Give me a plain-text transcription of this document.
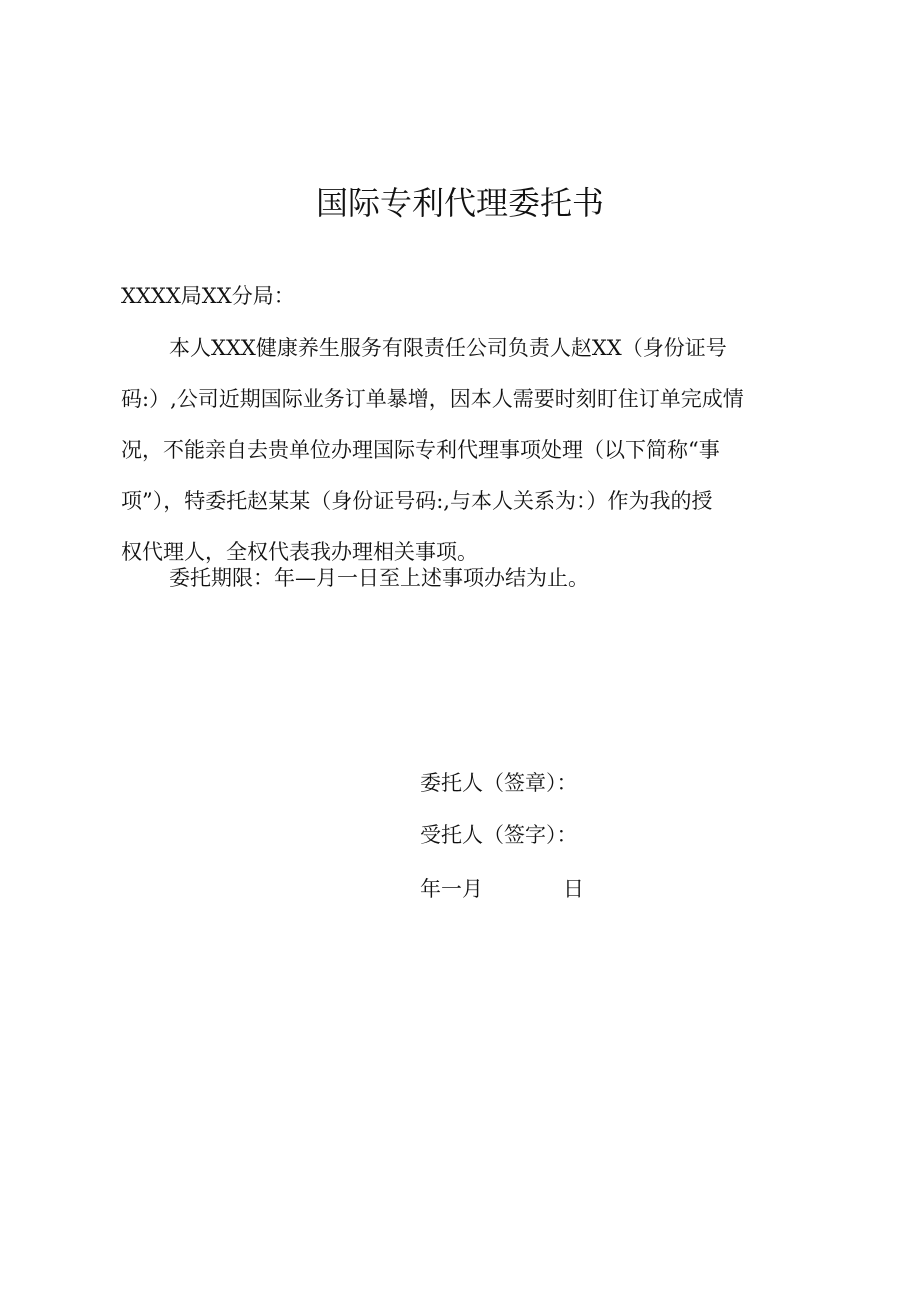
国际专利代理委托书
XXXX局XX分局：
本人XXX健康养生服务有限责任公司负责人赵XX（身份证号
码:）,公司近期国际业务订单暴增，因本人需要时刻盯住订单完成情
况，不能亲自去贵单位办理国际专利代理事项处理（以下简称“事
项”），特委托赵某某（身份证号码:,与本人关系为：）作为我的授
权代理人，全权代表我办理相关事项。
委托期限：年—月一日至上述事项办结为止。
委托人（签章）：
受托人（签字）：
年一月	日
